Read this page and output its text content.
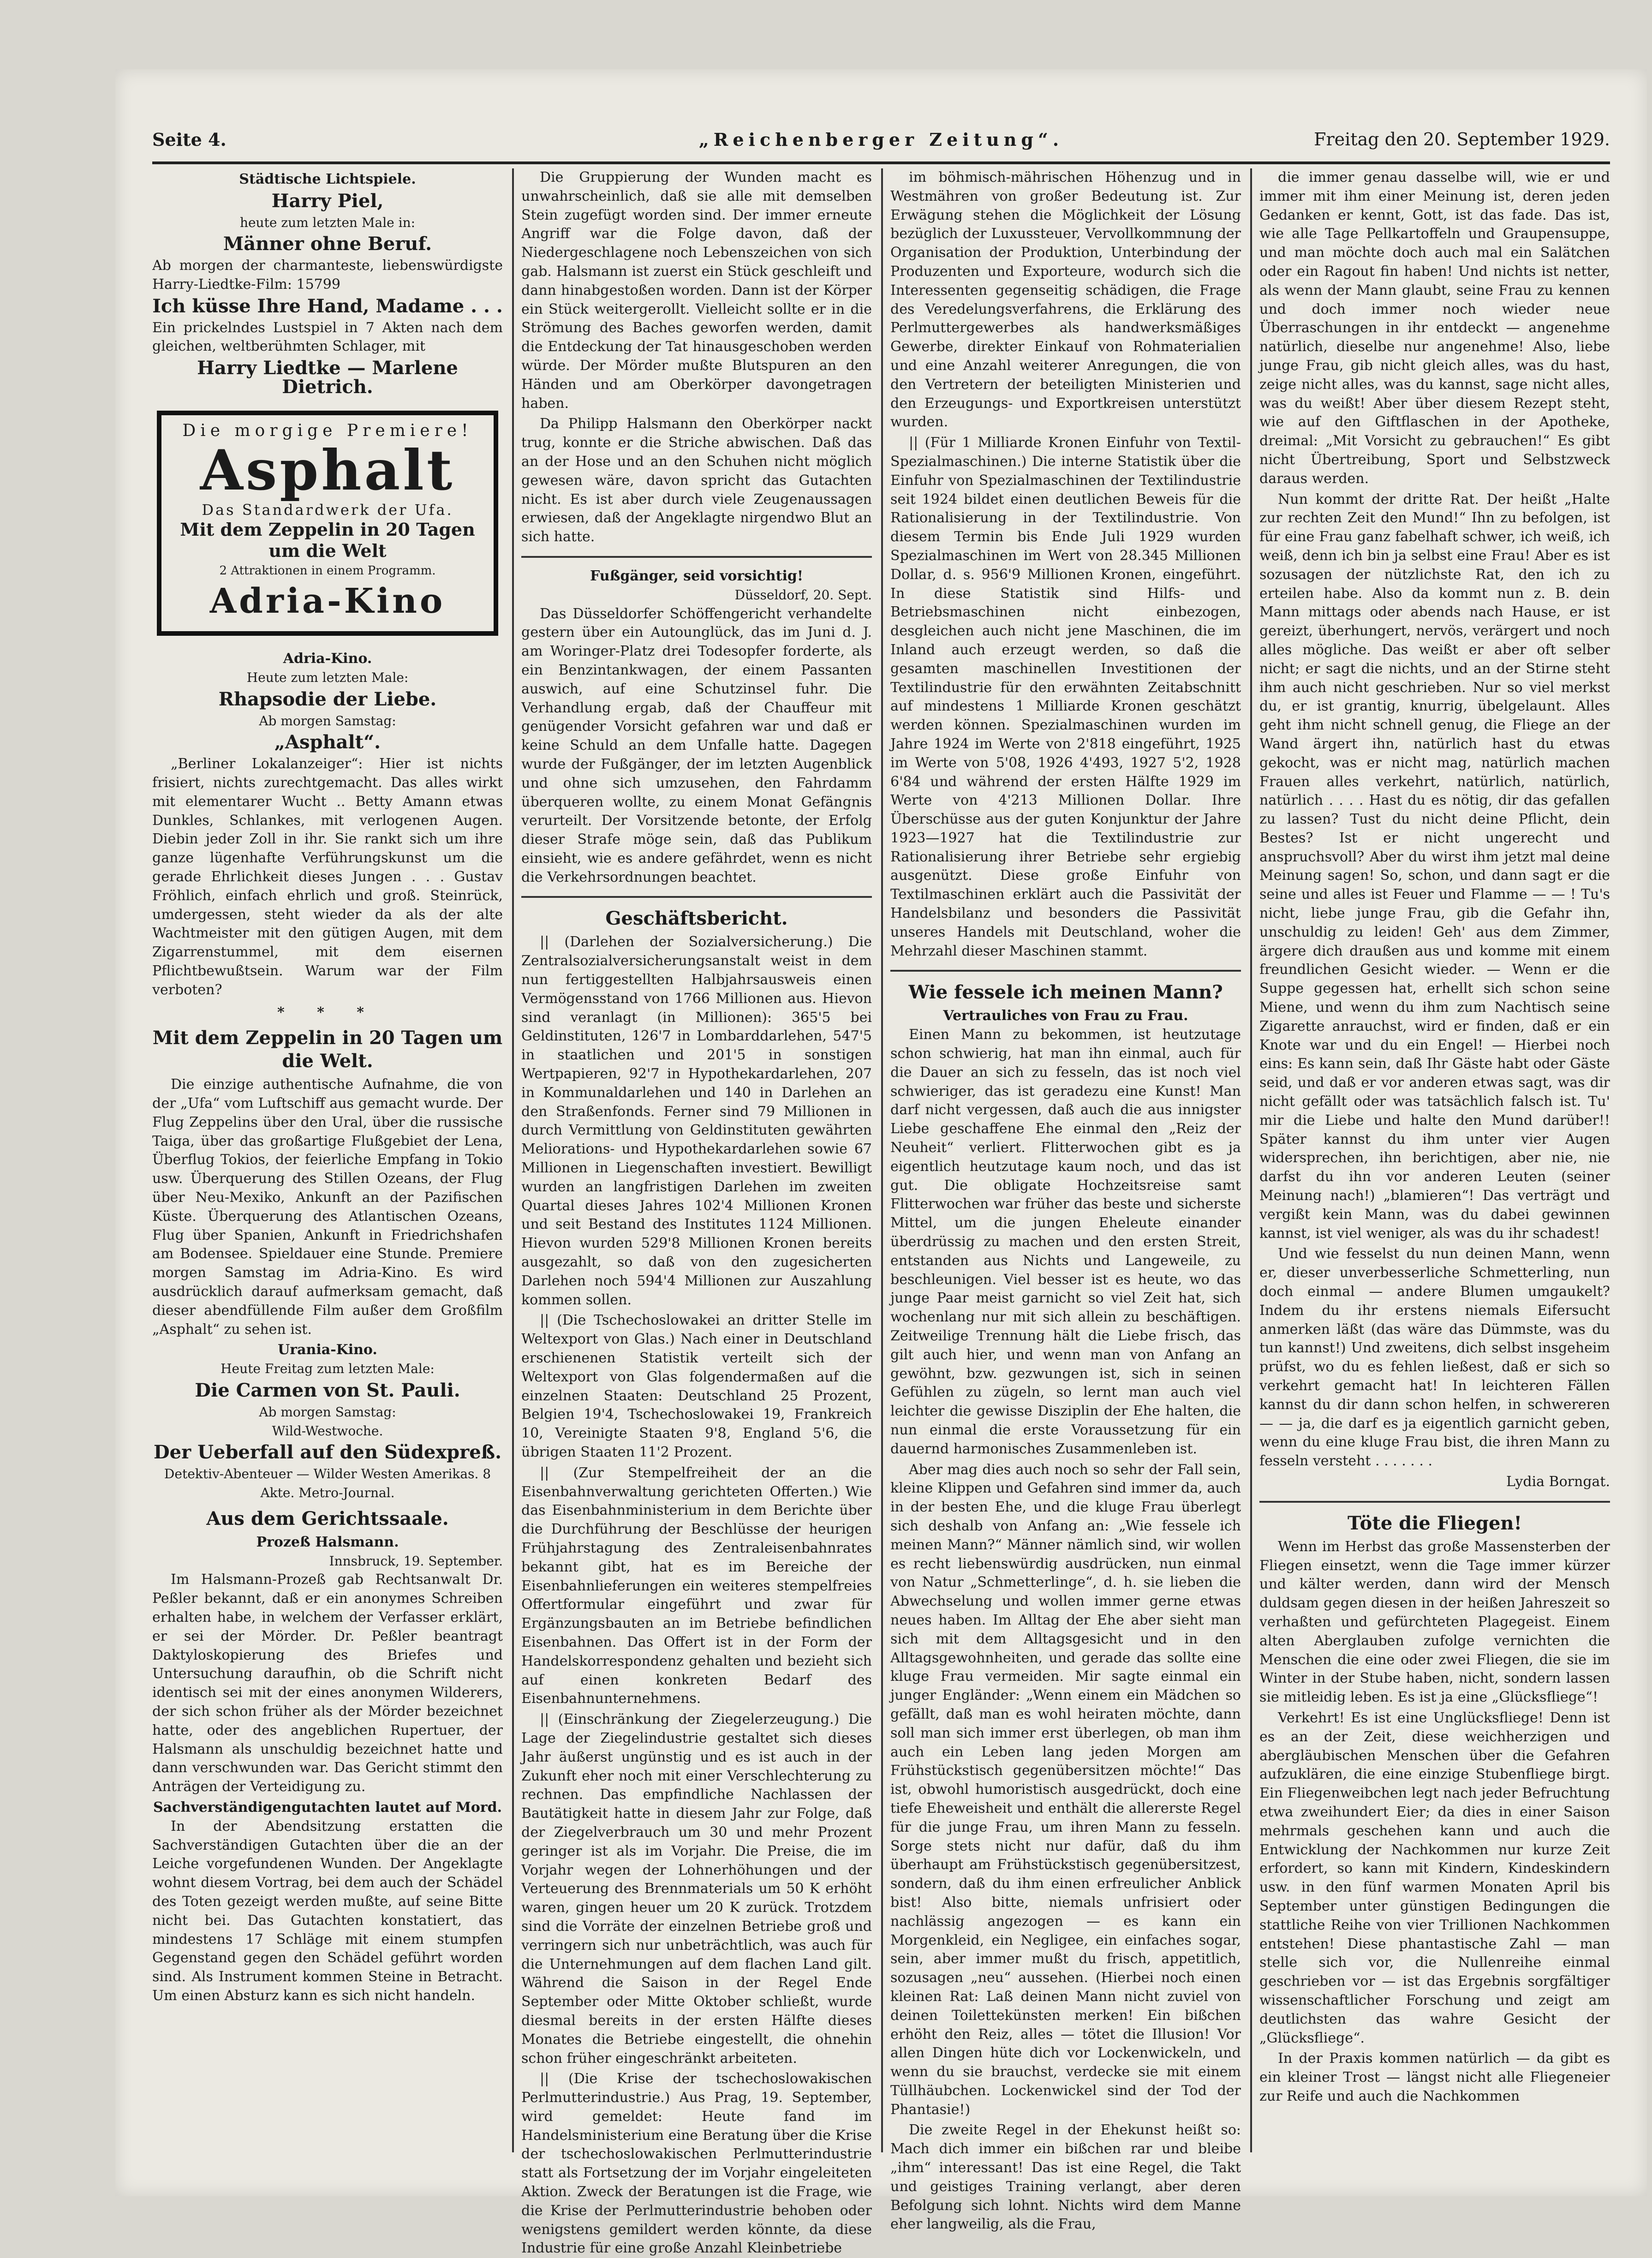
Seite 4.	„Reichenberger Zeitung“.	Freitag den 20. September 1929.
Städtische Lichtspiele.
Harry Piel,
heute zum letzten Male in:
Männer ohne Beruf.

Ab morgen der charmanteste, liebenswürdigste Harry-Liedtke-Film: 15799

Ich küsse Ihre Hand, Madame . . .

Ein prickelndes Lustspiel in 7 Akten nach dem gleichen, weltberühmten Schlager, mit

Harry Liedtke — Marlene Dietrich.
Die morgige Premiere!
Asphalt
Das Standardwerk der Ufa.
Mit dem Zeppelin in 20 Tagen um die Welt
2 Attraktionen in einem Programm.
Adria-Kino
Adria-Kino.
Heute zum letzten Male:
Rhapsodie der Liebe.
Ab morgen Samstag:
„Asphalt“.

„Berliner Lokalanzeiger“: Hier ist nichts frisiert, nichts zurechtgemacht. Das alles wirkt mit elementarer Wucht .. Betty Amann etwas Dunkles, Schlankes, mit verlogenen Augen. Diebin jeder Zoll in ihr. Sie rankt sich um ihre ganze lügenhafte Verführungskunst um die gerade Ehrlichkeit dieses Jungen . . . Gustav Fröhlich, einfach ehrlich und groß. Steinrück, umdergessen, steht wieder da als der alte Wachtmeister mit den gütigen Augen, mit dem Zigarrenstummel, mit dem eisernen Pflichtbewußtsein. Warum war der Film verboten?

* * *
Mit dem Zeppelin in 20 Tagen um die Welt.

Die einzige authentische Aufnahme, die von der „Ufa“ vom Luftschiff aus gemacht wurde. Der Flug Zeppelins über den Ural, über die russische Taiga, über das großartige Flußgebiet der Lena, Überflug Tokios, der feierliche Empfang in Tokio usw. Überquerung des Stillen Ozeans, der Flug über Neu-Mexiko, Ankunft an der Pazifischen Küste. Überquerung des Atlantischen Ozeans, Flug über Spanien, Ankunft in Friedrichshafen am Bodensee. Spieldauer eine Stunde. Premiere morgen Samstag im Adria-Kino. Es wird ausdrücklich darauf aufmerksam gemacht, daß dieser abendfüllende Film außer dem Großfilm „Asphalt“ zu sehen ist.

Urania-Kino.
Heute Freitag zum letzten Male:
Die Carmen von St. Pauli.
Ab morgen Samstag:
Wild-Westwoche.
Der Ueberfall auf den Südexpreß.
Detektiv-Abenteuer — Wilder Westen Amerikas. 8 Akte. Metro-Journal.
Aus dem Gerichtssaale.
Prozeß Halsmann.
Innsbruck, 19. September.

Im Halsmann-Prozeß gab Rechtsanwalt Dr. Peßler bekannt, daß er ein anonymes Schreiben erhalten habe, in welchem der Verfasser erklärt, er sei der Mörder. Dr. Peßler beantragt Daktyloskopierung des Briefes und Untersuchung daraufhin, ob die Schrift nicht identisch sei mit der eines anonymen Wilderers, der sich schon früher als der Mörder bezeichnet hatte, oder des angeblichen Rupertuer, der Halsmann als unschuldig bezeichnet hatte und dann verschwunden war. Das Gericht stimmt den Anträgen der Verteidigung zu.

Sachverständigengutachten lautet auf Mord.

In der Abendsitzung erstatten die Sachverständigen Gutachten über die an der Leiche vorgefundenen Wunden. Der Angeklagte wohnt diesem Vortrag, bei dem auch der Schädel des Toten gezeigt werden mußte, auf seine Bitte nicht bei. Das Gutachten konstatiert, das mindestens 17 Schläge mit einem stumpfen Gegenstand gegen den Schädel geführt worden sind. Als Instrument kommen Steine in Betracht. Um einen Absturz kann es sich nicht handeln.

Die Gruppierung der Wunden macht es unwahrscheinlich, daß sie alle mit demselben Stein zugefügt worden sind. Der immer erneute Angriff war die Folge davon, daß der Niedergeschlagene noch Lebenszeichen von sich gab. Halsmann ist zuerst ein Stück geschleift und dann hinabgestoßen worden. Dann ist der Körper ein Stück weitergerollt. Vielleicht sollte er in die Strömung des Baches geworfen werden, damit die Entdeckung der Tat hinausgeschoben werden würde. Der Mörder mußte Blutspuren an den Händen und am Oberkörper davongetragen haben.

Da Philipp Halsmann den Oberkörper nackt trug, konnte er die Striche abwischen. Daß das an der Hose und an den Schuhen nicht möglich gewesen wäre, davon spricht das Gutachten nicht. Es ist aber durch viele Zeugenaussagen erwiesen, daß der Angeklagte nirgendwo Blut an sich hatte.

Fußgänger, seid vorsichtig!
Düsseldorf, 20. Sept.

Das Düsseldorfer Schöffengericht verhandelte gestern über ein Autounglück, das im Juni d. J. am Woringer-Platz drei Todesopfer forderte, als ein Benzintankwagen, der einem Passanten auswich, auf eine Schutzinsel fuhr. Die Verhandlung ergab, daß der Chauffeur mit genügender Vorsicht gefahren war und daß er keine Schuld an dem Unfalle hatte. Dagegen wurde der Fußgänger, der im letzten Augenblick und ohne sich umzusehen, den Fahrdamm überqueren wollte, zu einem Monat Gefängnis verurteilt. Der Vorsitzende betonte, der Erfolg dieser Strafe möge sein, daß das Publikum einsieht, wie es andere gefährdet, wenn es nicht die Verkehrsordnungen beachtet.

Geschäftsbericht.

|| (Darlehen der Sozialversicherung.) Die Zentralsozialversicherungsanstalt weist in dem nun fertiggestellten Halbjahrsausweis einen Vermögensstand von 1766 Millionen aus. Hievon sind veranlagt (in Millionen): 365'5 bei Geldinstituten, 126'7 in Lombarddarlehen, 547'5 in staatlichen und 201'5 in sonstigen Wertpapieren, 92'7 in Hypothekardarlehen, 207 in Kommunaldarlehen und 140 in Darlehen an den Straßenfonds. Ferner sind 79 Millionen in durch Vermittlung von Geldinstituten gewährten Meliorations- und Hypothekardarlehen sowie 67 Millionen in Liegenschaften investiert. Bewilligt wurden an langfristigen Darlehen im zweiten Quartal dieses Jahres 102'4 Millionen Kronen und seit Bestand des Institutes 1124 Millionen. Hievon wurden 529'8 Millionen Kronen bereits ausgezahlt, so daß von den zugesicherten Darlehen noch 594'4 Millionen zur Auszahlung kommen sollen.

|| (Die Tschechoslowakei an dritter Stelle im Weltexport von Glas.) Nach einer in Deutschland erschienenen Statistik verteilt sich der Weltexport von Glas folgendermaßen auf die einzelnen Staaten: Deutschland 25 Prozent, Belgien 19'4, Tschechoslowakei 19, Frankreich 10, Vereinigte Staaten 9'8, England 5'6, die übrigen Staaten 11'2 Prozent.

|| (Zur Stempelfreiheit der an die Eisenbahnverwaltung gerichteten Offerten.) Wie das Eisenbahnministerium in dem Berichte über die Durchführung der Beschlüsse der heurigen Frühjahrstagung des Zentraleisenbahnrates bekannt gibt, hat es im Bereiche der Eisenbahnlieferungen ein weiteres stempelfreies Offertformular eingeführt und zwar für Ergänzungsbauten an im Betriebe befindlichen Eisenbahnen. Das Offert ist in der Form der Handelskorrespondenz gehalten und bezieht sich auf einen konkreten Bedarf des Eisenbahnunternehmens.

|| (Einschränkung der Ziegelerzeugung.) Die Lage der Ziegelindustrie gestaltet sich dieses Jahr äußerst ungünstig und es ist auch in der Zukunft eher noch mit einer Verschlechterung zu rechnen. Das empfindliche Nachlassen der Bautätigkeit hatte in diesem Jahr zur Folge, daß der Ziegelverbrauch um 30 und mehr Prozent geringer ist als im Vorjahr. Die Preise, die im Vorjahr wegen der Lohnerhöhungen und der Verteuerung des Brennmaterials um 50 K erhöht waren, gingen heuer um 20 K zurück. Trotzdem sind die Vorräte der einzelnen Betriebe groß und verringern sich nur unbeträchtlich, was auch für die Unternehmungen auf dem flachen Land gilt. Während die Saison in der Regel Ende September oder Mitte Oktober schließt, wurde diesmal bereits in der ersten Hälfte dieses Monates die Betriebe eingestellt, die ohnehin schon früher eingeschränkt arbeiteten.

|| (Die Krise der tschechoslowakischen Perlmutterindustrie.) Aus Prag, 19. September, wird gemeldet: Heute fand im Handelsministerium eine Beratung über die Krise der tschechoslowakischen Perlmutterindustrie statt als Fortsetzung der im Vorjahr eingeleiteten Aktion. Zweck der Beratungen ist die Frage, wie die Krise der Perlmutterindustrie behoben oder wenigstens gemildert werden könnte, da diese Industrie für eine große Anzahl Kleinbetriebe

im böhmisch-mährischen Höhenzug und in Westmähren von großer Bedeutung ist. Zur Erwägung stehen die Möglichkeit der Lösung bezüglich der Luxussteuer, Vervollkommnung der Organisation der Produktion, Unterbindung der Produzenten und Exporteure, wodurch sich die Interessenten gegenseitig schädigen, die Frage des Veredelungsverfahrens, die Erklärung des Perlmuttergewerbes als handwerksmäßiges Gewerbe, direkter Einkauf von Rohmaterialien und eine Anzahl weiterer Anregungen, die von den Vertretern der beteiligten Ministerien und den Erzeugungs- und Exportkreisen unterstützt wurden.

|| (Für 1 Milliarde Kronen Einfuhr von Textil-Spezialmaschinen.) Die interne Statistik über die Einfuhr von Spezialmaschinen der Textilindustrie seit 1924 bildet einen deutlichen Beweis für die Rationalisierung in der Textilindustrie. Von diesem Termin bis Ende Juli 1929 wurden Spezialmaschinen im Wert von 28.345 Millionen Dollar, d. s. 956'9 Millionen Kronen, eingeführt. In diese Statistik sind Hilfs- und Betriebsmaschinen nicht einbezogen, desgleichen auch nicht jene Maschinen, die im Inland auch erzeugt werden, so daß die gesamten maschinellen Investitionen der Textilindustrie für den erwähnten Zeitabschnitt auf mindestens 1 Milliarde Kronen geschätzt werden können. Spezialmaschinen wurden im Jahre 1924 im Werte von 2'818 eingeführt, 1925 im Werte von 5'08, 1926 4'493, 1927 5'2, 1928 6'84 und während der ersten Hälfte 1929 im Werte von 4'213 Millionen Dollar. Ihre Überschüsse aus der guten Konjunktur der Jahre 1923—1927 hat die Textilindustrie zur Rationalisierung ihrer Betriebe sehr ergiebig ausgenützt. Diese große Einfuhr von Textilmaschinen erklärt auch die Passivität der Handelsbilanz und besonders die Passivität unseres Handels mit Deutschland, woher die Mehrzahl dieser Maschinen stammt.

Wie fessele ich meinen Mann?
Vertrauliches von Frau zu Frau.

Einen Mann zu bekommen, ist heutzutage schon schwierig, hat man ihn einmal, auch für die Dauer an sich zu fesseln, das ist noch viel schwieriger, das ist geradezu eine Kunst! Man darf nicht vergessen, daß auch die aus innigster Liebe geschaffene Ehe einmal den „Reiz der Neuheit“ verliert. Flitterwochen gibt es ja eigentlich heutzutage kaum noch, und das ist gut. Die obligate Hochzeitsreise samt Flitterwochen war früher das beste und sicherste Mittel, um die jungen Eheleute einander überdrüssig zu machen und den ersten Streit, entstanden aus Nichts und Langeweile, zu beschleunigen. Viel besser ist es heute, wo das junge Paar meist garnicht so viel Zeit hat, sich wochenlang nur mit sich allein zu beschäftigen. Zeitweilige Trennung hält die Liebe frisch, das gilt auch hier, und wenn man von Anfang an gewöhnt, bzw. gezwungen ist, sich in seinen Gefühlen zu zügeln, so lernt man auch viel leichter die gewisse Disziplin der Ehe halten, die nun einmal die erste Voraussetzung für ein dauernd harmonisches Zusammenleben ist.

Aber mag dies auch noch so sehr der Fall sein, kleine Klippen und Gefahren sind immer da, auch in der besten Ehe, und die kluge Frau überlegt sich deshalb von Anfang an: „Wie fessele ich meinen Mann?“ Männer nämlich sind, wir wollen es recht liebenswürdig ausdrücken, nun einmal von Natur „Schmetterlinge“, d. h. sie lieben die Abwechselung und wollen immer gerne etwas neues haben. Im Alltag der Ehe aber sieht man sich mit dem Alltagsgesicht und in den Alltagsgewohnheiten, und gerade das sollte eine kluge Frau vermeiden. Mir sagte einmal ein junger Engländer: „Wenn einem ein Mädchen so gefällt, daß man es wohl heiraten möchte, dann soll man sich immer erst überlegen, ob man ihm auch ein Leben lang jeden Morgen am Frühstückstisch gegenübersitzen möchte!“ Das ist, obwohl humoristisch ausgedrückt, doch eine tiefe Eheweisheit und enthält die allererste Regel für die junge Frau, um ihren Mann zu fesseln. Sorge stets nicht nur dafür, daß du ihm überhaupt am Frühstückstisch gegenübersitzest, sondern, daß du ihm einen erfreulicher Anblick bist! Also bitte, niemals unfrisiert oder nachlässig angezogen — es kann ein Morgenkleid, ein Negligee, ein einfaches sogar, sein, aber immer mußt du frisch, appetitlich, sozusagen „neu“ aussehen. (Hierbei noch einen kleinen Rat: Laß deinen Mann nicht zuviel von deinen Toilettekünsten merken! Ein bißchen erhöht den Reiz, alles — tötet die Illusion! Vor allen Dingen hüte dich vor Lockenwickeln, und wenn du sie brauchst, verdecke sie mit einem Tüllhäubchen. Lockenwickel sind der Tod der Phantasie!)

Die zweite Regel in der Ehekunst heißt so: Mach dich immer ein bißchen rar und bleibe „ihm“ interessant! Das ist eine Regel, die Takt und geistiges Training verlangt, aber deren Befolgung sich lohnt. Nichts wird dem Manne eher langweilig, als die Frau,

die immer genau dasselbe will, wie er und immer mit ihm einer Meinung ist, deren jeden Gedanken er kennt, Gott, ist das fade. Das ist, wie alle Tage Pellkartoffeln und Graupensuppe, und man möchte doch auch mal ein Salätchen oder ein Ragout fin haben! Und nichts ist netter, als wenn der Mann glaubt, seine Frau zu kennen und doch immer noch wieder neue Überraschungen in ihr entdeckt — angenehme natürlich, dieselbe nur angenehme! Also, liebe junge Frau, gib nicht gleich alles, was du hast, zeige nicht alles, was du kannst, sage nicht alles, was du weißt! Aber über diesem Rezept steht, wie auf den Giftflaschen in der Apotheke, dreimal: „Mit Vorsicht zu gebrauchen!“ Es gibt nicht Übertreibung, Sport und Selbstzweck daraus werden.

Nun kommt der dritte Rat. Der heißt „Halte zur rechten Zeit den Mund!“ Ihn zu befolgen, ist für eine Frau ganz fabelhaft schwer, ich weiß, ich weiß, denn ich bin ja selbst eine Frau! Aber es ist sozusagen der nützlichste Rat, den ich zu erteilen habe. Also da kommt nun z. B. dein Mann mittags oder abends nach Hause, er ist gereizt, überhungert, nervös, verärgert und noch alles mögliche. Das weißt er aber oft selber nicht; er sagt die nichts, und an der Stirne steht ihm auch nicht geschrieben. Nur so viel merkst du, er ist grantig, knurrig, übelgelaunt. Alles geht ihm nicht schnell genug, die Fliege an der Wand ärgert ihn, natürlich hast du etwas gekocht, was er nicht mag, natürlich machen Frauen alles verkehrt, natürlich, natürlich, natürlich . . . . Hast du es nötig, dir das gefallen zu lassen? Tust du nicht deine Pflicht, dein Bestes? Ist er nicht ungerecht und anspruchsvoll? Aber du wirst ihm jetzt mal deine Meinung sagen! So, schon, und dann sagt er die seine und alles ist Feuer und Flamme — — ! Tu's nicht, liebe junge Frau, gib die Gefahr ihn, unschuldig zu leiden! Geh' aus dem Zimmer, ärgere dich draußen aus und komme mit einem freundlichen Gesicht wieder. — Wenn er die Suppe gegessen hat, erhellt sich schon seine Miene, und wenn du ihm zum Nachtisch seine Zigarette anrauchst, wird er finden, daß er ein Knote war und du ein Engel! — Hierbei noch eins: Es kann sein, daß Ihr Gäste habt oder Gäste seid, und daß er vor anderen etwas sagt, was dir nicht gefällt oder was tatsächlich falsch ist. Tu' mir die Liebe und halte den Mund darüber!! Später kannst du ihm unter vier Augen widersprechen, ihn berichtigen, aber nie, nie darfst du ihn vor anderen Leuten (seiner Meinung nach!) „blamieren“! Das verträgt und vergißt kein Mann, was du dabei gewinnen kannst, ist viel weniger, als was du ihr schadest!

Und wie fesselst du nun deinen Mann, wenn er, dieser unverbesserliche Schmetterling, nun doch einmal — andere Blumen umgaukelt? Indem du ihr erstens niemals Eifersucht anmerken läßt (das wäre das Dümmste, was du tun kannst!) Und zweitens, dich selbst insgeheim prüfst, wo du es fehlen ließest, daß er sich so verkehrt gemacht hat! In leichteren Fällen kannst du dir dann schon helfen, in schwereren — — ja, die darf es ja eigentlich garnicht geben, wenn du eine kluge Frau bist, die ihren Mann zu fesseln versteht . . . . . . .

Lydia Borngat.

Töte die Fliegen!

Wenn im Herbst das große Massensterben der Fliegen einsetzt, wenn die Tage immer kürzer und kälter werden, dann wird der Mensch duldsam gegen diesen in der heißen Jahreszeit so verhaßten und gefürchteten Plagegeist. Einem alten Aberglauben zufolge vernichten die Menschen die eine oder zwei Fliegen, die sie im Winter in der Stube haben, nicht, sondern lassen sie mitleidig leben. Es ist ja eine „Glücksfliege“!

Verkehrt! Es ist eine Unglücksfliege! Denn ist es an der Zeit, diese weichherzigen und abergläubischen Menschen über die Gefahren aufzuklären, die eine einzige Stubenfliege birgt. Ein Fliegenweibchen legt nach jeder Befruchtung etwa zweihundert Eier; da dies in einer Saison mehrmals geschehen kann und auch die Entwicklung der Nachkommen nur kurze Zeit erfordert, so kann mit Kindern, Kindeskindern usw. in den fünf warmen Monaten April bis September unter günstigen Bedingungen die stattliche Reihe von vier Trillionen Nachkommen entstehen! Diese phantastische Zahl — man stelle sich vor, die Nullenreihe einmal geschrieben vor — ist das Ergebnis sorgfältiger wissenschaftlicher Forschung und zeigt am deutlichsten das wahre Gesicht der „Glücksfliege“.

In der Praxis kommen natürlich — da gibt es ein kleiner Trost — längst nicht alle Fliegeneier zur Reife und auch die Nachkommen
